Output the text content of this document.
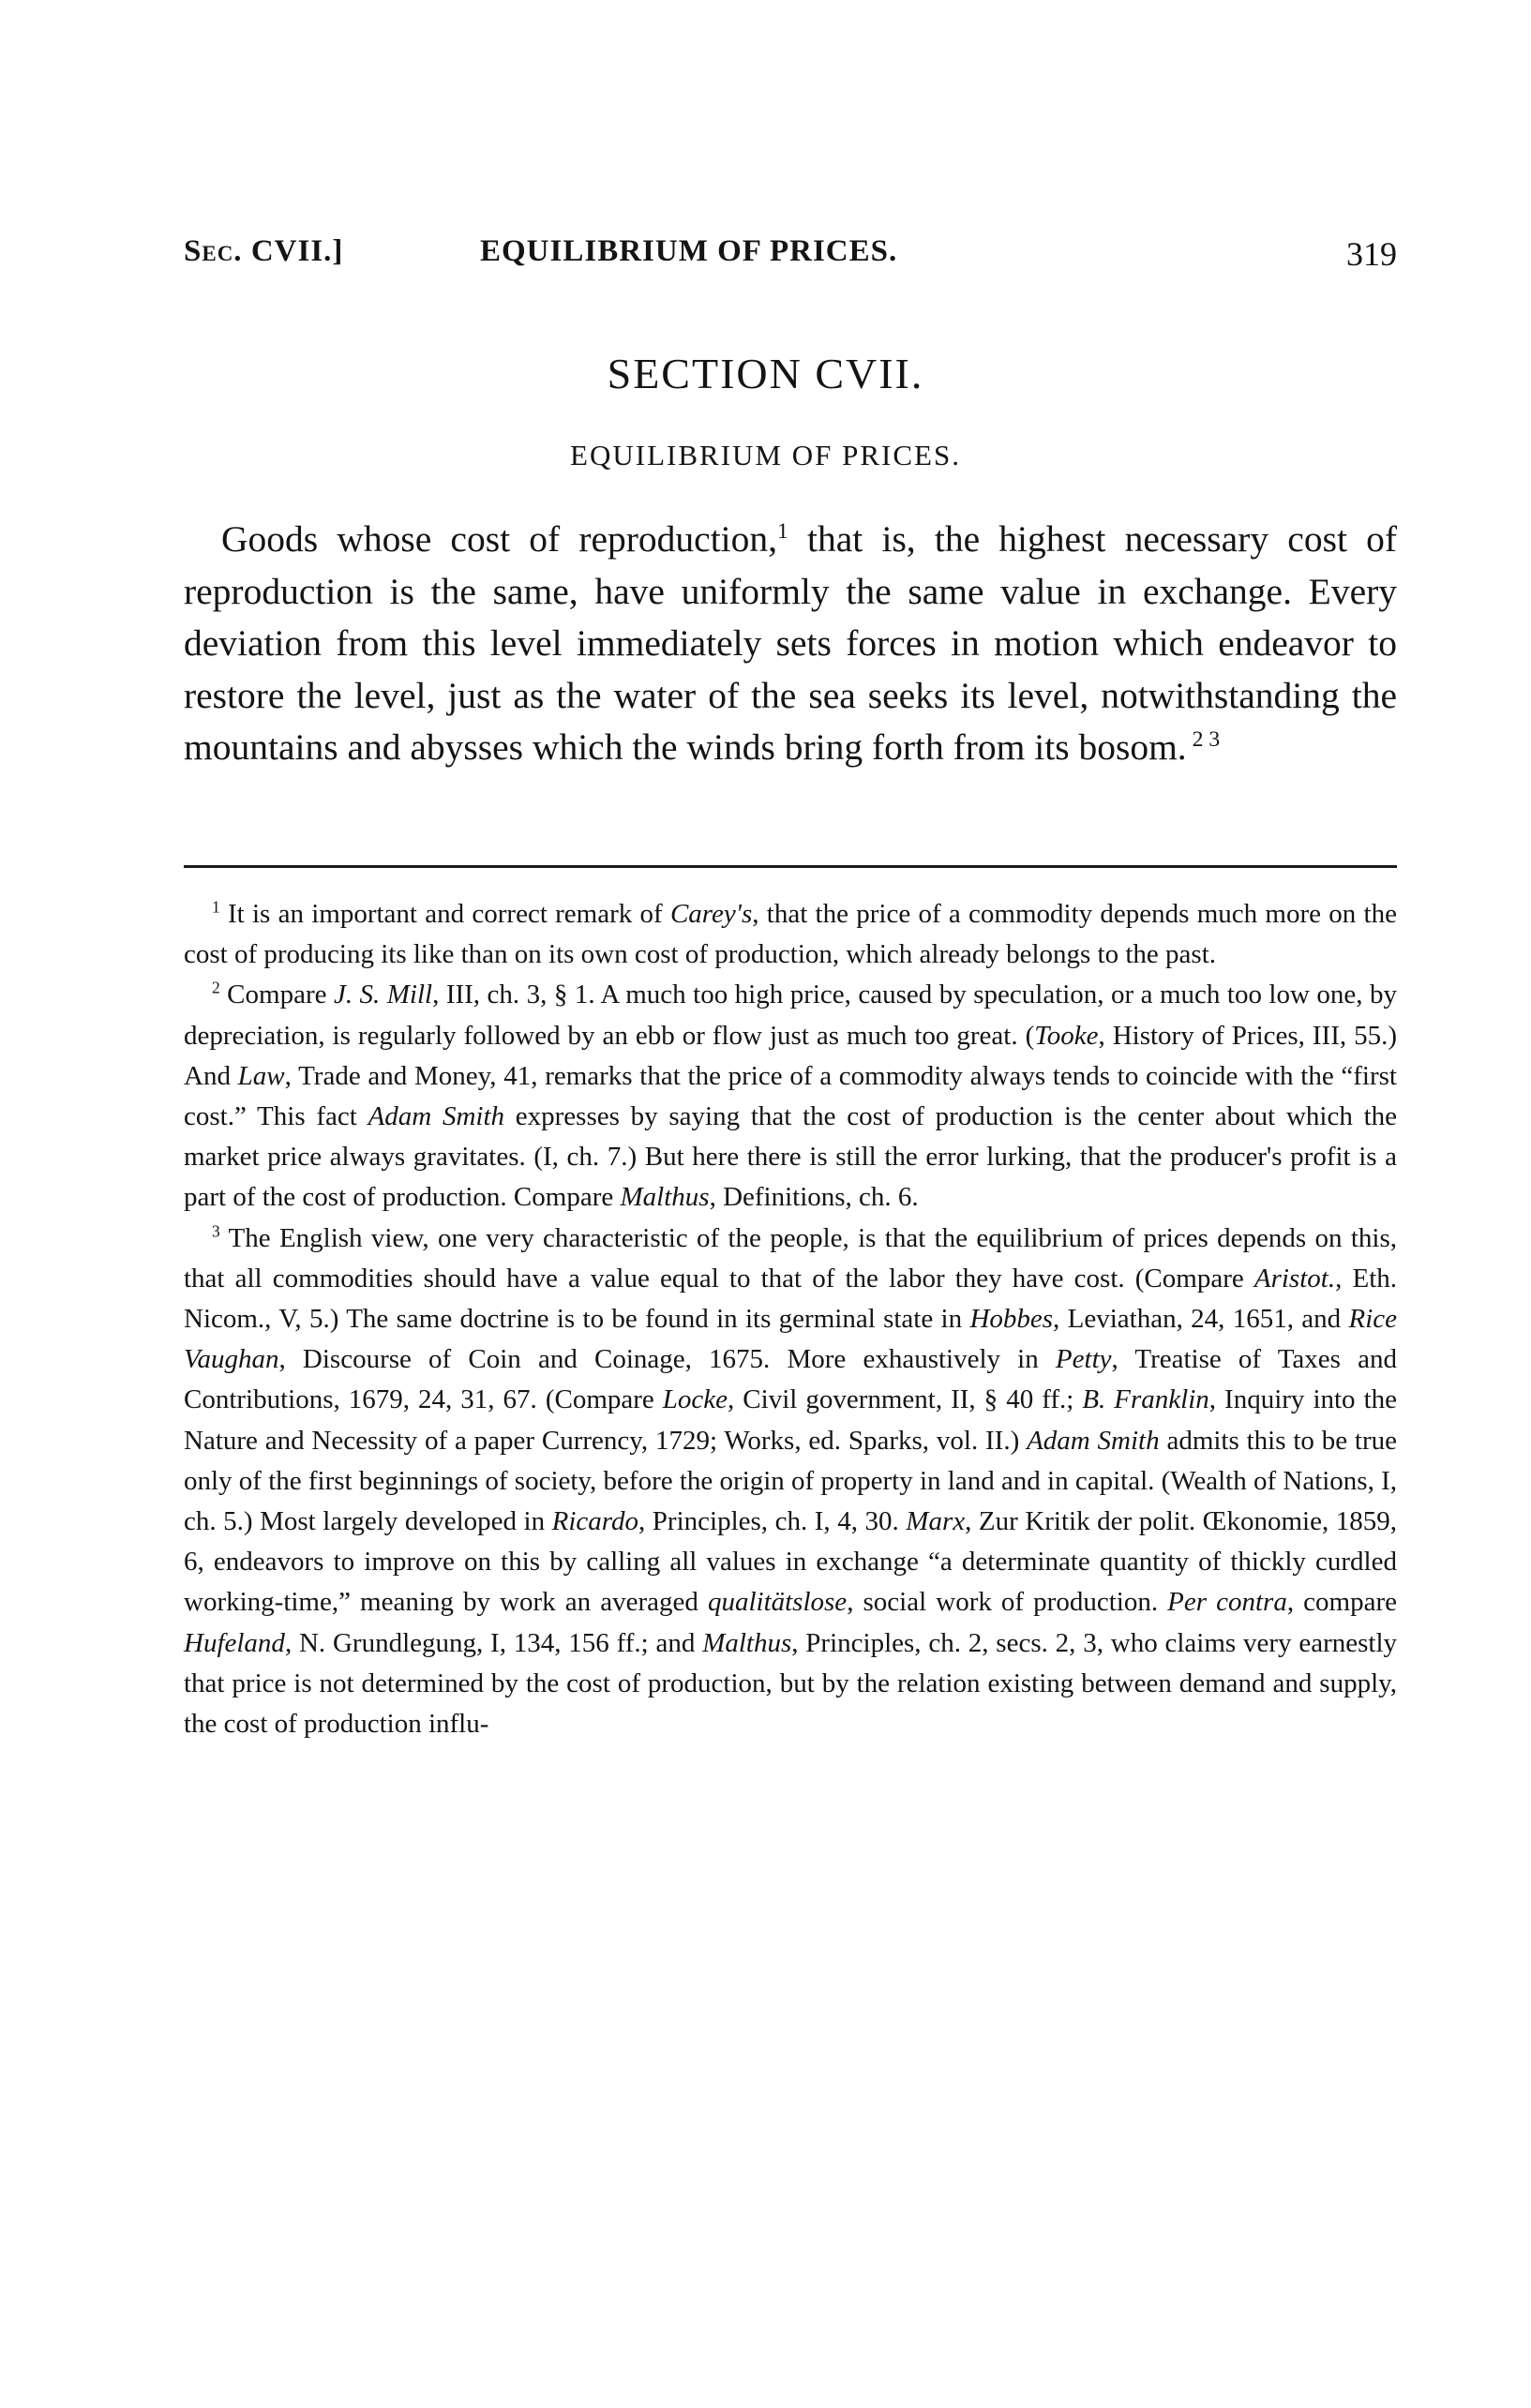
Sec. CVII.]	EQUILIBRIUM OF PRICES.	319
SECTION CVII.
EQUILIBRIUM OF PRICES.

Goods whose cost of reproduction,$^1$ that is, the highest necessary cost of reproduction is the same, have uniformly the same value in exchange. Every deviation from this level immediately sets forces in motion which endeavor to restore the level, just as the water of the sea seeks its level, notwithstanding the mountains and abysses which the winds bring forth from its bosom. $^{2 3}$

$^1$ It is an important and correct remark of Carey's, that the price of a commodity depends much more on the cost of producing its like than on its own cost of production, which already belongs to the past.

$^2$ Compare J. S. Mill, III, ch. 3, § 1. A much too high price, caused by speculation, or a much too low one, by depreciation, is regularly followed by an ebb or flow just as much too great. (Tooke, History of Prices, III, 55.) And Law, Trade and Money, 41, remarks that the price of a commodity always tends to coincide with the “first cost.” This fact Adam Smith expresses by saying that the cost of production is the center about which the market price always gravitates. (I, ch. 7.) But here there is still the error lurking, that the producer's profit is a part of the cost of production. Compare Malthus, Definitions, ch. 6.

$^3$ The English view, one very characteristic of the people, is that the equilibrium of prices depends on this, that all commodities should have a value equal to that of the labor they have cost. (Compare Aristot., Eth. Nicom., V, 5.) The same doctrine is to be found in its germinal state in Hobbes, Leviathan, 24, 1651, and Rice Vaughan, Discourse of Coin and Coinage, 1675. More exhaustively in Petty, Treatise of Taxes and Contributions, 1679, 24, 31, 67. (Compare Locke, Civil government, II, § 40 ff.; B. Franklin, Inquiry into the Nature and Necessity of a paper Currency, 1729; Works, ed. Sparks, vol. II.) Adam Smith admits this to be true only of the first beginnings of society, before the origin of property in land and in capital. (Wealth of Nations, I, ch. 5.) Most largely developed in Ricardo, Principles, ch. I, 4, 30. Marx, Zur Kritik der polit. Œkonomie, 1859, 6, endeavors to improve on this by calling all values in exchange “a determinate quantity of thickly curdled working-time,” meaning by work an averaged qualitätslose, social work of production. Per contra, compare Hufeland, N. Grundlegung, I, 134, 156 ff.; and Malthus, Principles, ch. 2, secs. 2, 3, who claims very earnestly that price is not determined by the cost of production, but by the relation existing between demand and supply, the cost of production influ-
